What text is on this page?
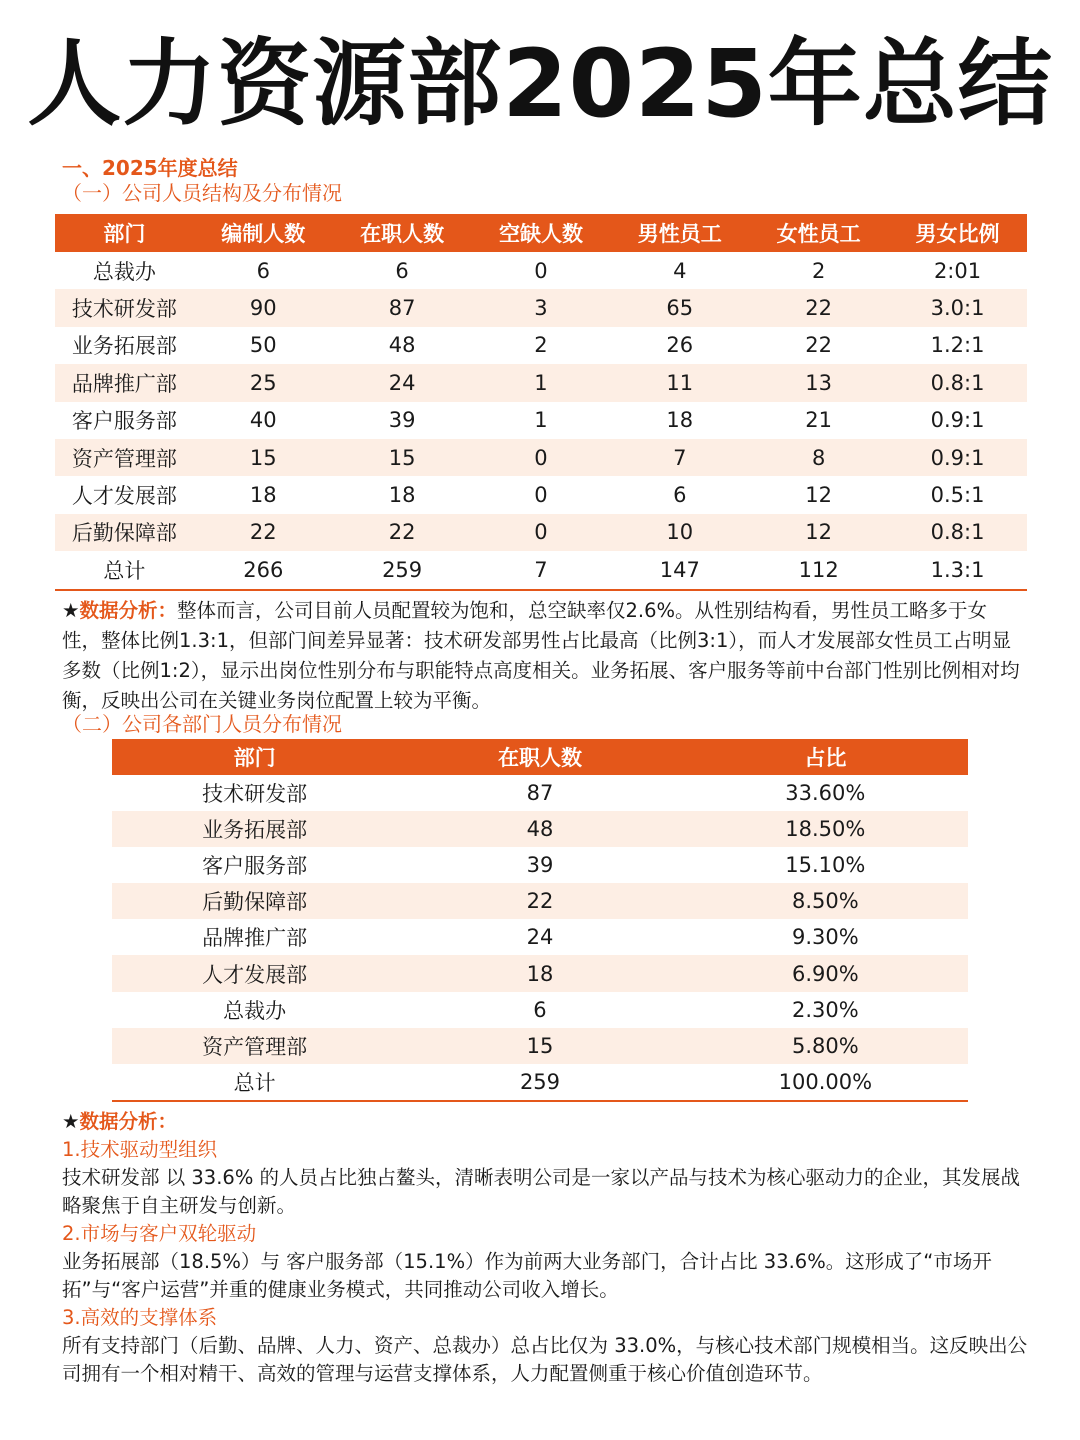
人力资源部2025年总结
一、2025年度总结
（一）公司人员结构及分布情况
部门	编制人数	在职人数	空缺人数	男性员工	女性员工	男女比例
总裁办	6	6	0	4	2	2:01
技术研发部	90	87	3	65	22	3.0:1
业务拓展部	50	48	2	26	22	1.2:1
品牌推广部	25	24	1	11	13	0.8:1
客户服务部	40	39	1	18	21	0.9:1
资产管理部	15	15	0	7	8	0.9:1
人才发展部	18	18	0	6	12	0.5:1
后勤保障部	22	22	0	10	12	0.8:1
总计	266	259	7	147	112	1.3:1

★数据分析：整体而言，公司目前人员配置较为饱和，总空缺率仅2.6%。从性别结构看，男性员工略多于女性，整体比例1.3:1，但部门间差异显著：技术研发部男性占比最高（比例3:1），而人才发展部女性员工占明显多数（比例1:2），显示出岗位性别分布与职能特点高度相关。业务拓展、客户服务等前中台部门性别比例相对均衡，反映出公司在关键业务岗位配置上较为平衡。

（二）公司各部门人员分布情况
部门	在职人数	占比
技术研发部	87	33.60%
业务拓展部	48	18.50%
客户服务部	39	15.10%
后勤保障部	22	8.50%
品牌推广部	24	9.30%
人才发展部	18	6.90%
总裁办	6	2.30%
资产管理部	15	5.80%
总计	259	100.00%

★数据分析：

1.技术驱动型组织

技术研发部 以 33.6% 的人员占比独占鳌头，清晰表明公司是一家以产品与技术为核心驱动力的企业，其发展战略聚焦于自主研发与创新。

2.市场与客户双轮驱动

业务拓展部（18.5%）与 客户服务部（15.1%）作为前两大业务部门，合计占比 33.6%。这形成了“市场开拓”与“客户运营”并重的健康业务模式，共同推动公司收入增长。

3.高效的支撑体系

所有支持部门（后勤、品牌、人力、资产、总裁办）总占比仅为 33.0%，与核心技术部门规模相当。这反映出公司拥有一个相对精干、高效的管理与运营支撑体系，人力配置侧重于核心价值创造环节。
